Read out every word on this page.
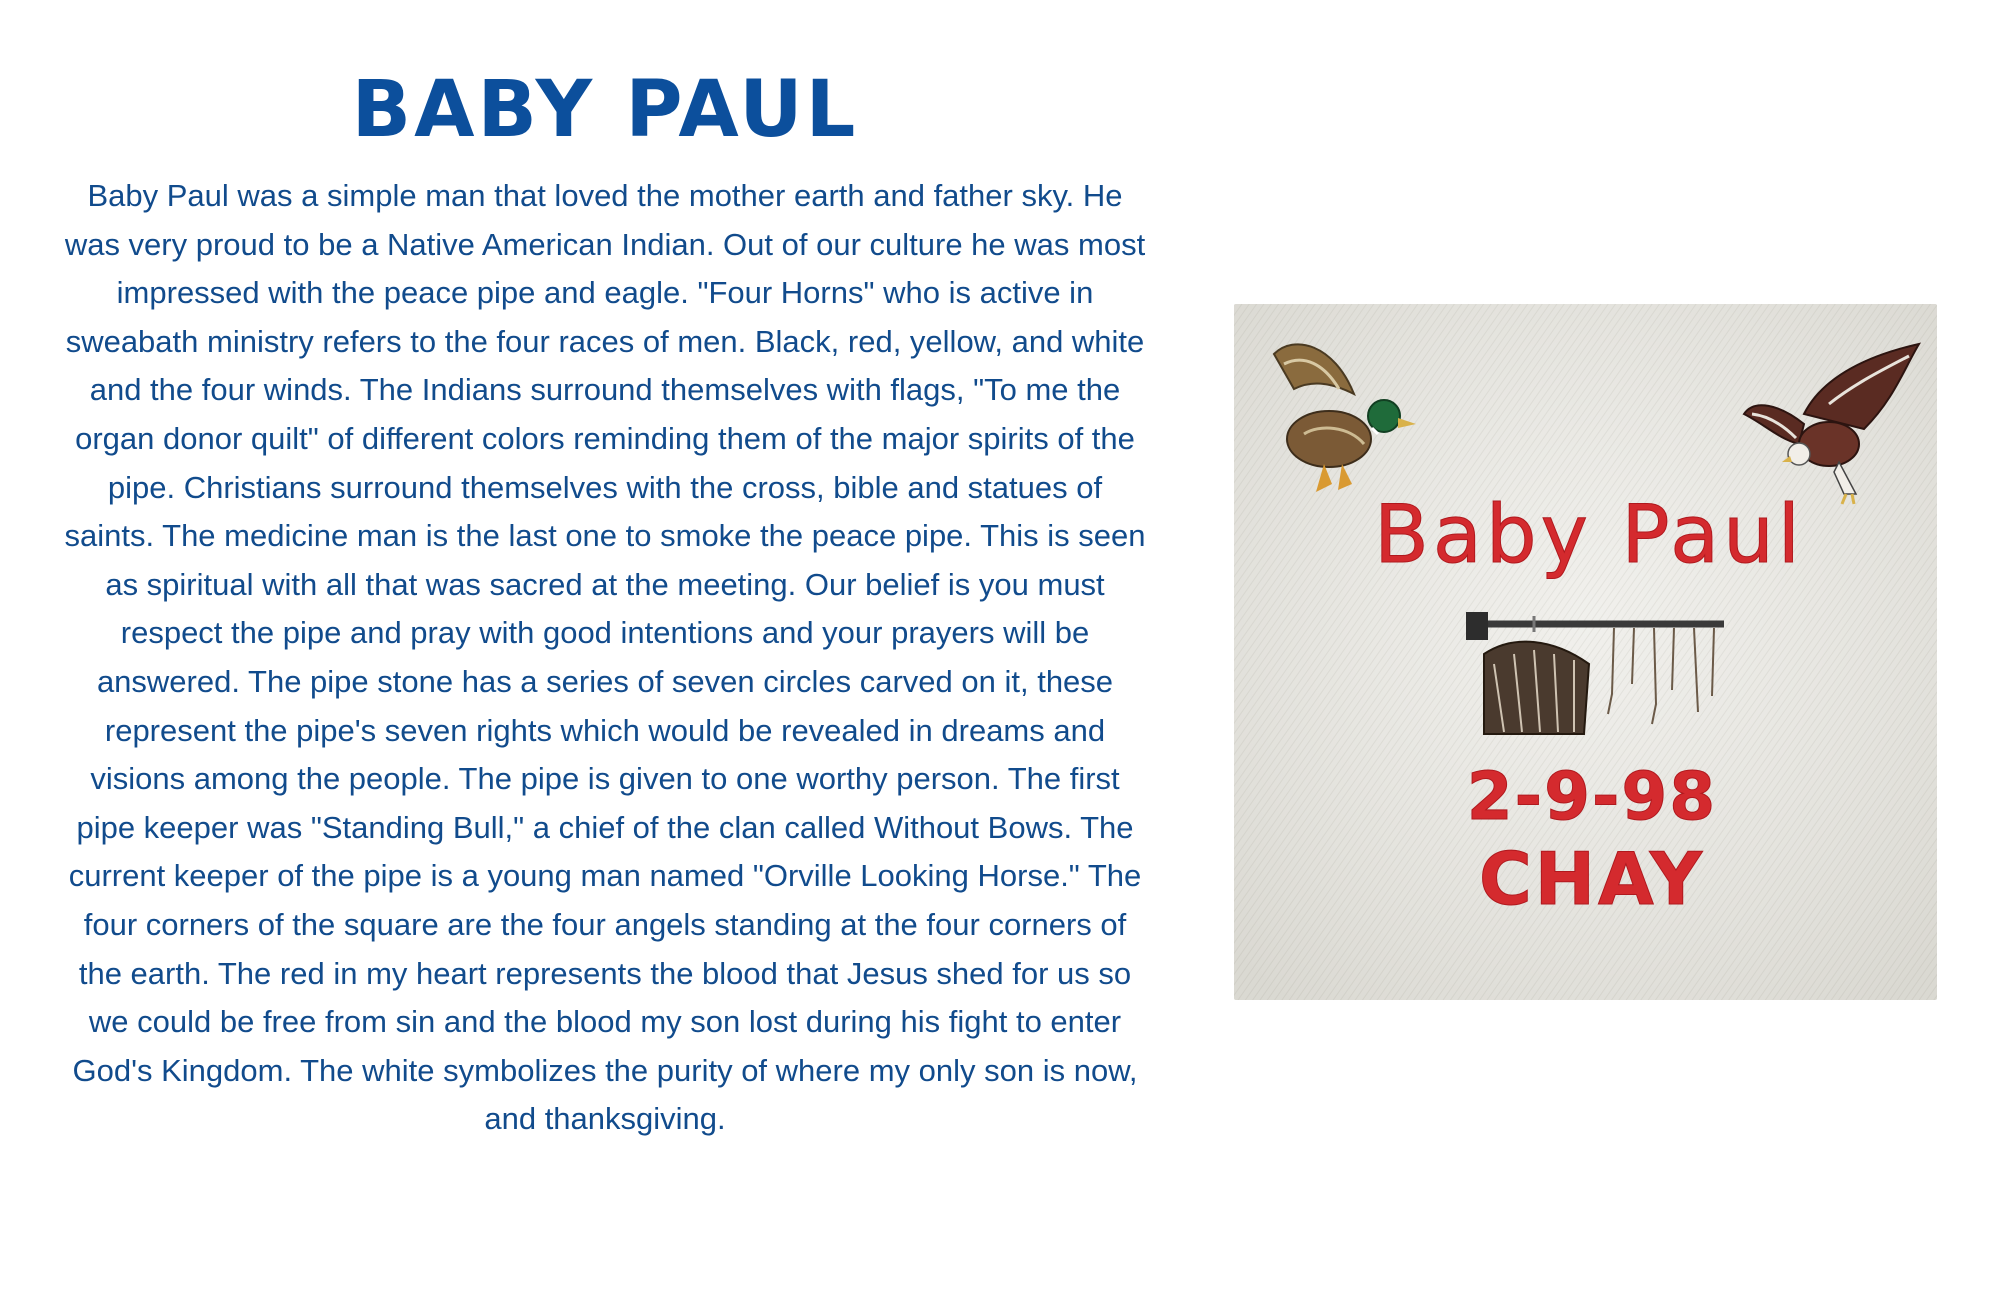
BABY PAUL

Baby Paul was a simple man that loved the mother earth and father sky. He was very proud to be a Native American Indian. Out of our culture he was most impressed with the peace pipe and eagle. "Four Horns" who is active in sweabath ministry refers to the four races of men. Black, red, yellow, and white and the four winds. The Indians surround themselves with flags, "To me the organ donor quilt" of different colors reminding them of the major spirits of the pipe. Christians surround themselves with the cross, bible and statues of saints. The medicine man is the last one to smoke the peace pipe. This is seen as spiritual with all that was sacred at the meeting. Our belief is you must respect the pipe and pray with good intentions and your prayers will be answered. The pipe stone has a series of seven circles carved on it, these represent the pipe's seven rights which would be revealed in dreams and visions among the people. The pipe is given to one worthy person. The first pipe keeper was "Standing Bull," a chief of the clan called Without Bows. The current keeper of the pipe is a young man named "Orville Looking Horse." The four corners of the square are the four angels standing at the four corners of the earth. The red in my heart represents the blood that Jesus shed for us so we could be free from sin and the blood my son lost during his fight to enter God's Kingdom. The white symbolizes the purity of where my only son is now, and thanksgiving.

Baby Paul
2-9-98
CHAY
